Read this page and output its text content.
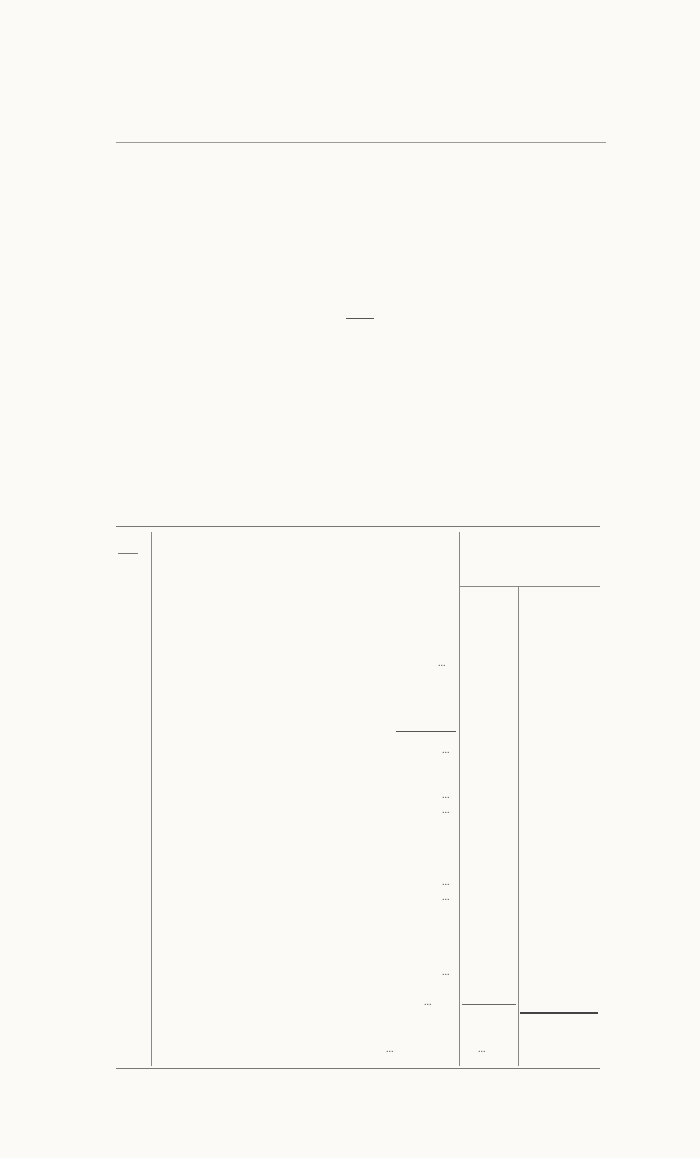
...
...
...
...
...
...
...
...
...	...
